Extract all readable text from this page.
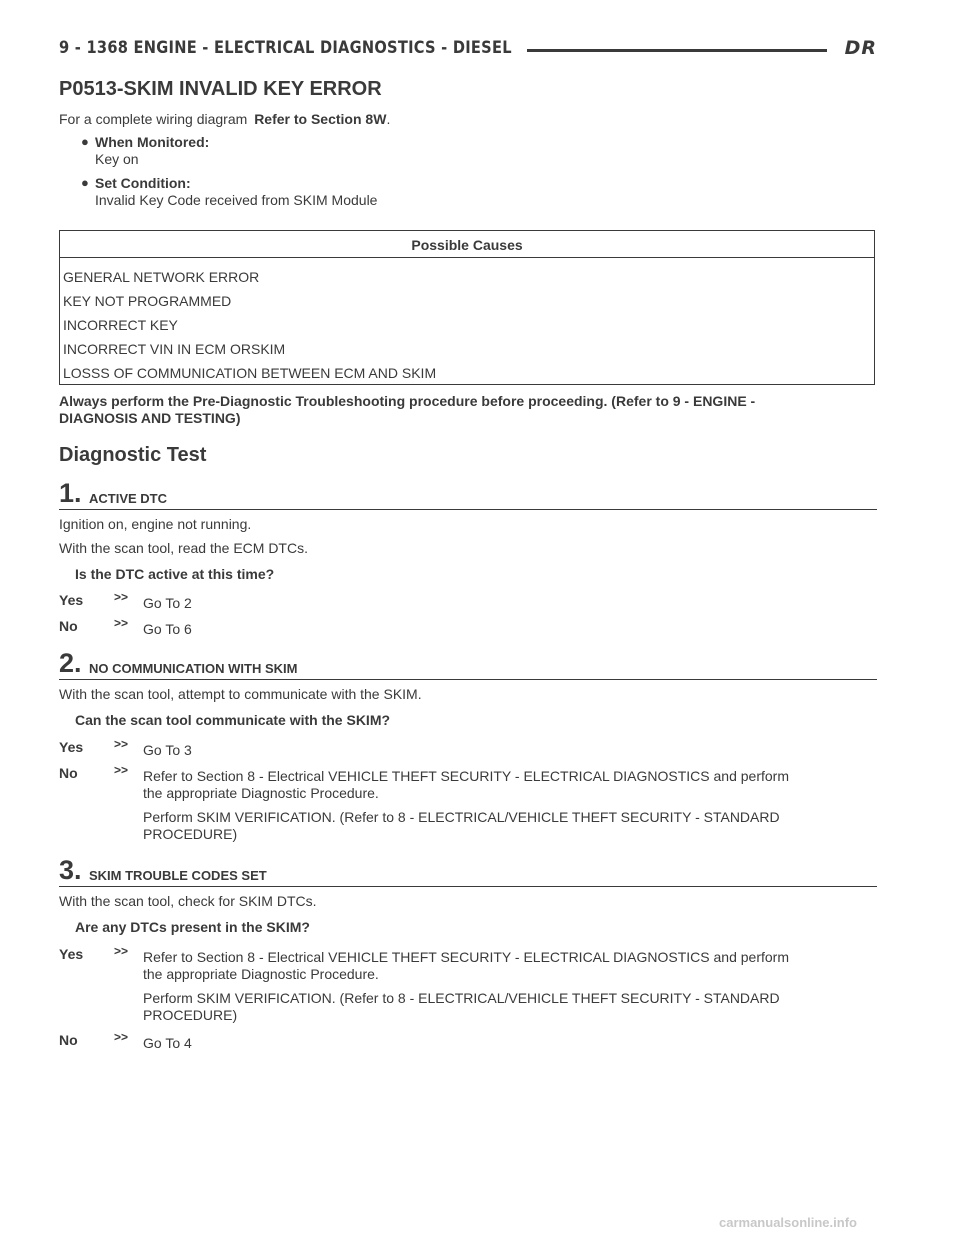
9 - 1368 ENGINE - ELECTRICAL DIAGNOSTICS - DIESEL	DR
P0513-SKIM INVALID KEY ERROR
For a complete wiring diagram Refer to Section 8W.
● When Monitored:
Key on
● Set Condition:
Invalid Key Code received from SKIM Module
Possible Causes
GENERAL NETWORK ERROR
KEY NOT PROGRAMMED
INCORRECT KEY
INCORRECT VIN IN ECM ORSKIM
LOSSS OF COMMUNICATION BETWEEN ECM AND SKIM
Always perform the Pre-Diagnostic Troubleshooting procedure before proceeding. (Refer to 9 - ENGINE -
DIAGNOSIS AND TESTING)
Diagnostic Test
1. ACTIVE DTC
Ignition on, engine not running.
With the scan tool, read the ECM DTCs.
Is the DTC active at this time?
Yes	>> Go To 2
No	>> Go To 6
2. NO COMMUNICATION WITH SKIM
With the scan tool, attempt to communicate with the SKIM.
Can the scan tool communicate with the SKIM?
Yes	>> Go To 3
No	>> Refer to Section 8 - Electrical VEHICLE THEFT SECURITY - ELECTRICAL DIAGNOSTICS and perform
the appropriate Diagnostic Procedure.
Perform SKIM VERIFICATION. (Refer to 8 - ELECTRICAL/VEHICLE THEFT SECURITY - STANDARD
PROCEDURE)
3. SKIM TROUBLE CODES SET
With the scan tool, check for SKIM DTCs.
Are any DTCs present in the SKIM?
Yes	>> Refer to Section 8 - Electrical VEHICLE THEFT SECURITY - ELECTRICAL DIAGNOSTICS and perform
the appropriate Diagnostic Procedure.
Perform SKIM VERIFICATION. (Refer to 8 - ELECTRICAL/VEHICLE THEFT SECURITY - STANDARD
PROCEDURE)
No	>> Go To 4
carmanualsonline.info
